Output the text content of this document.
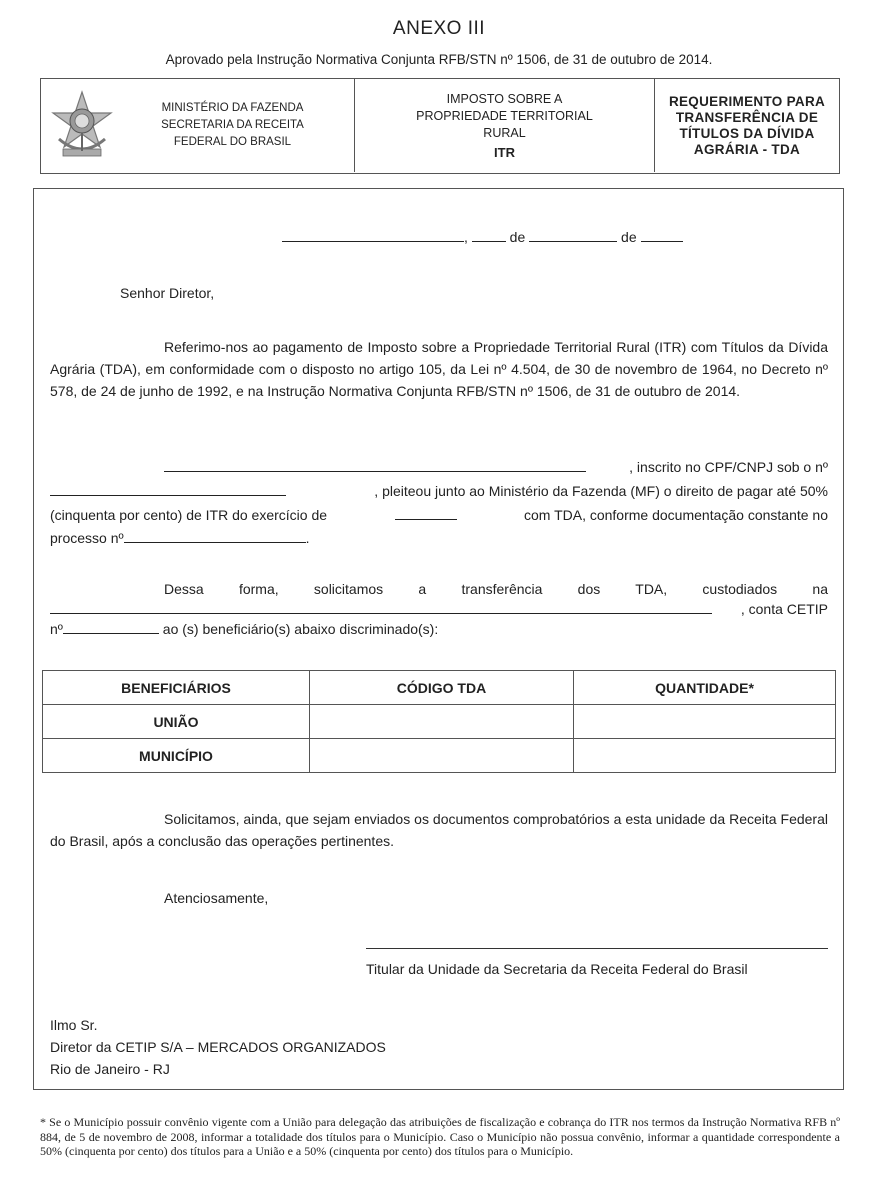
ANEXO III
Aprovado pela Instrução Normativa Conjunta RFB/STN nº 1506, de 31 de outubro de 2014.
MINISTÉRIO DA FAZENDA
SECRETARIA DA RECEITA
FEDERAL DO BRASIL
IMPOSTO SOBRE A
PROPRIEDADE TERRITORIAL
RURAL
ITR
REQUERIMENTO PARA
TRANSFERÊNCIA DE
TÍTULOS DA DÍVIDA
AGRÁRIA - TDA
,	de	de
Senhor Diretor,
Referimo-nos ao pagamento de Imposto sobre a Propriedade Territorial Rural (ITR) com Títulos da Dívida Agrária (TDA), em conformidade com o disposto no artigo 105, da Lei nº 4.504, de 30 de novembro de 1964, no Decreto nº 578, de 24 de junho de 1992, e na Instrução Normativa Conjunta RFB/STN nº 1506, de 31 de outubro de 2014.
, inscrito no CPF/CNPJ sob o nº
, pleiteou junto ao Ministério da Fazenda (MF) o direito de pagar até 50%
(cinquenta por cento) de ITR do exercício de	com TDA, conforme documentação constante no
processo nº	.
Dessa forma, solicitamos a transferência dos TDA, custodiados na
, conta CETIP
nº	ao (s) beneficiário(s) abaixo discriminado(s):
BENEFICIÁRIOS	CÓDIGO TDA	QUANTIDADE*
UNIÃO		
MUNICÍPIO		
Solicitamos, ainda, que sejam enviados os documentos comprobatórios a esta unidade da Receita Federal do Brasil, após a conclusão das operações pertinentes.
Atenciosamente,
Titular da Unidade da Secretaria da Receita Federal do Brasil
Ilmo Sr.
Diretor da CETIP S/A – MERCADOS ORGANIZADOS
Rio de Janeiro - RJ
* Se o Município possuir convênio vigente com a União para delegação das atribuições de fiscalização e cobrança do ITR nos termos da Instrução Normativa RFB nº 884, de 5 de novembro de 2008, informar a totalidade dos títulos para o Município. Caso o Município não possua convênio, informar a quantidade correspondente a 50% (cinquenta por cento) dos títulos para a União e a 50% (cinquenta por cento) dos títulos para o Município.
